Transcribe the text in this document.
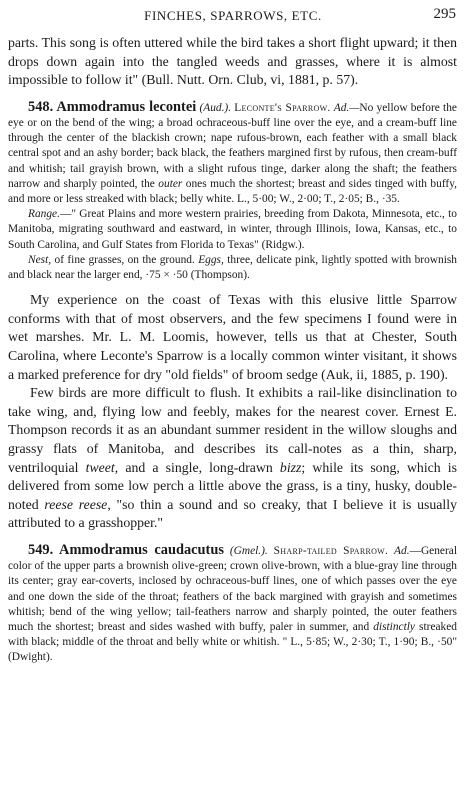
FINCHES, SPARROWS, ETC.	295

parts. This song is often uttered while the bird takes a short flight upward; it then drops down again into the tangled weeds and grasses, where it is almost impossible to follow it" (Bull. Nutt. Orn. Club, vi, 1881, p. 57).

548. Ammodramus lecontei (Aud.). Leconte's Sparrow. Ad.—No yellow before the eye or on the bend of the wing; a broad ochraceous-buff line over the eye, and a cream-buff line through the center of the blackish crown; nape rufous-brown, each feather with a small black central spot and an ashy border; back black, the feathers margined first by rufous, then cream-buff and whitish; tail grayish brown, with a slight rufous tinge, darker along the shaft; the feathers narrow and sharply pointed, the outer ones much the shortest; breast and sides tinged with buffy, and more or less streaked with black; belly white. L., 5·00; W., 2·00; T., 2·05; B., ·35.

Range.—" Great Plains and more western prairies, breeding from Dakota, Minnesota, etc., to Manitoba, migrating southward and eastward, in winter, through Illinois, Iowa, Kansas, etc., to South Carolina, and Gulf States from Florida to Texas" (Ridgw.).

Nest, of fine grasses, on the ground. Eggs, three, delicate pink, lightly spotted with brownish and black near the larger end, ·75 × ·50 (Thompson).

My experience on the coast of Texas with this elusive little Sparrow conforms with that of most observers, and the few specimens I found were in wet marshes. Mr. L. M. Loomis, however, tells us that at Chester, South Carolina, where Leconte's Sparrow is a locally common winter visitant, it shows a marked preference for dry "old fields" of broom sedge (Auk, ii, 1885, p. 190).

Few birds are more difficult to flush. It exhibits a rail-like disinclination to take wing, and, flying low and feebly, makes for the nearest cover. Ernest E. Thompson records it as an abundant summer resident in the willow sloughs and grassy flats of Manitoba, and describes its call-notes as a thin, sharp, ventriloquial tweet, and a single, long-drawn bizz; while its song, which is delivered from some low perch a little above the grass, is a tiny, husky, double-noted reese reese, "so thin a sound and so creaky, that I believe it is usually attributed to a grasshopper."

549. Ammodramus caudacutus (Gmel.). Sharp-tailed Sparrow. Ad.—General color of the upper parts a brownish olive-green; crown olive-brown, with a blue-gray line through its center; gray ear-coverts, inclosed by ochraceous-buff lines, one of which passes over the eye and one down the side of the throat; feathers of the back margined with grayish and sometimes whitish; bend of the wing yellow; tail-feathers narrow and sharply pointed, the outer feathers much the shortest; breast and sides washed with buffy, paler in summer, and distinctly streaked with black; middle of the throat and belly white or whitish. " L., 5·85; W., 2·30; T., 1·90; B., ·50" (Dwight).
